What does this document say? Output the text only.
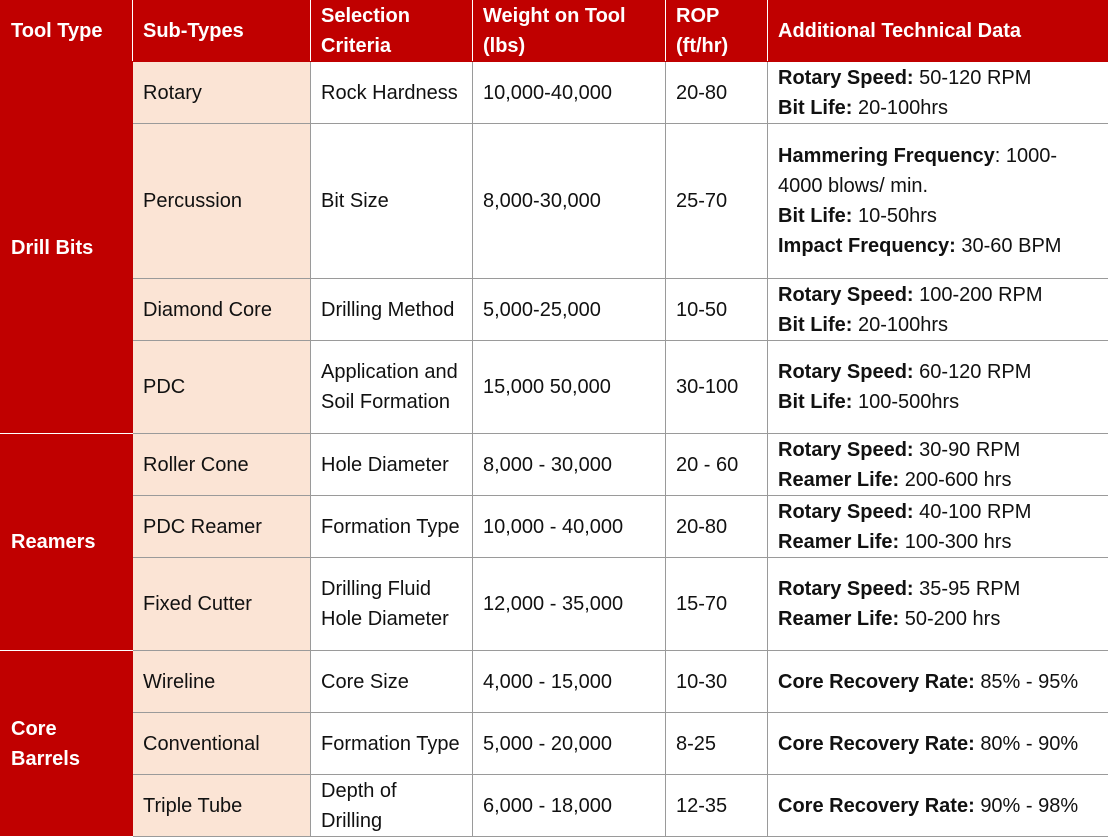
Tool Type	Sub-Types	Selection Criteria	Weight on Tool (lbs)	ROP (ft/hr)	Additional Technical Data
Drill Bits	Rotary	Rock Hardness	10,000-40,000	20-80	Rotary Speed: 50-120 RPM
Bit Life: 20-100hrs

	Percussion	Bit Size	8,000-30,000	25-70	Hammering Frequency: 1000-4000 blows/ min.
Bit Life: 10-50hrs
Impact Frequency: 30-60 BPM

	Diamond Core	Drilling Method	5,000-25,000	10-50	Rotary Speed: 100-200 RPM
Bit Life: 20-100hrs

	PDC	Application and Soil Formation	15,000 50,000	30-100	Rotary Speed: 60-120 RPM
Bit Life: 100-500hrs

Reamers	Roller Cone	Hole Diameter	8,000 - 30,000	20 - 60	Rotary Speed: 30-90 RPM
Reamer Life: 200-600 hrs

	PDC Reamer	Formation Type	10,000 - 40,000	20-80	Rotary Speed: 40-100 RPM
Reamer Life: 100-300 hrs

	Fixed Cutter	Drilling Fluid Hole Diameter	12,000 - 35,000	15-70	Rotary Speed: 35-95 RPM
Reamer Life: 50-200 hrs

Core Barrels	Wireline	Core Size	4,000 - 15,000	10-30	Core Recovery Rate: 85% - 95%

	Conventional	Formation Type	5,000 - 20,000	8-25	Core Recovery Rate: 80% - 90%

	Triple Tube	Depth of Drilling	6,000 - 18,000	12-35	Core Recovery Rate: 90% - 98%
